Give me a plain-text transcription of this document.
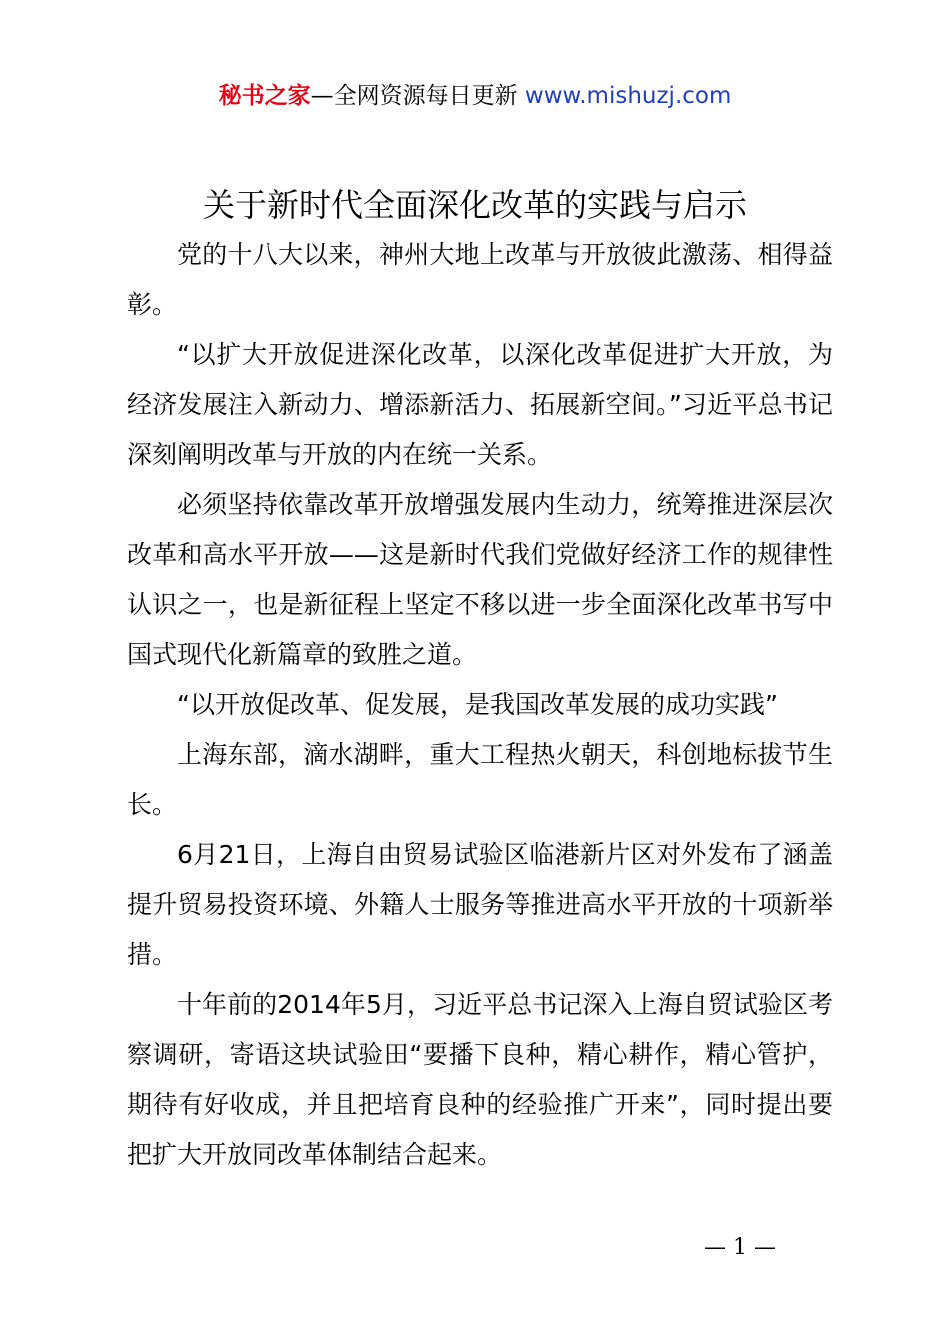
秘书之家—全网资源每日更新 www.mishuzj.com
关于新时代全面深化改革的实践与启示

党的十八大以来，神州大地上改革与开放彼此激荡、相得益彰。

“以扩大开放促进深化改革，以深化改革促进扩大开放，为经济发展注入新动力、增添新活力、拓展新空间。”习近平总书记深刻阐明改革与开放的内在统一关系。

必须坚持依靠改革开放增强发展内生动力，统筹推进深层次改革和高水平开放——这是新时代我们党做好经济工作的规律性认识之一，也是新征程上坚定不移以进一步全面深化改革书写中国式现代化新篇章的致胜之道。

“以开放促改革、促发展，是我国改革发展的成功实践”

上海东部，滴水湖畔，重大工程热火朝天，科创地标拔节生长。

6月21日，上海自由贸易试验区临港新片区对外发布了涵盖提升贸易投资环境、外籍人士服务等推进高水平开放的十项新举措。

十年前的2014年5月，习近平总书记深入上海自贸试验区考察调研，寄语这块试验田“要播下良种，精心耕作，精心管护，期待有好收成，并且把培育良种的经验推广开来”，同时提出要把扩大开放同改革体制结合起来。

— 1 —
